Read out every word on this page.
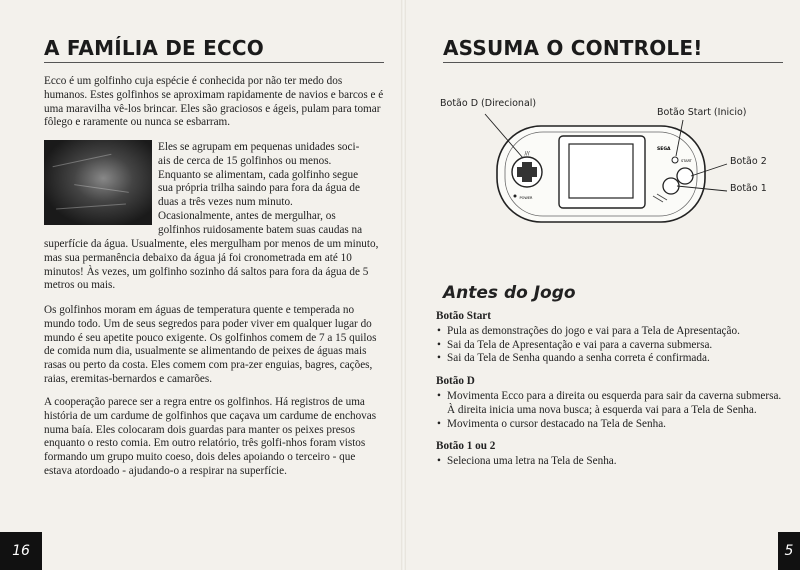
A FAMÍLIA DE ECCO

Ecco é um golfinho cuja espécie é conhecida por não ter medo dos humanos. Estes golfinhos se aproximam rapidamente de navios e barcos e é uma maravilha vê-los brincar. Eles são graciosos e ágeis, pulam para tomar fôlego e raramente ou nunca se esbarram.

Eles se agrupam em pequenas unidades soci-

ais de cerca de 15 golfinhos ou menos.

Enquanto se alimentam, cada golfinho segue

sua própria trilha saindo para fora da água de

duas a três vezes num minuto.

Ocasionalmente, antes de mergulhar, os

golfinhos ruidosamente batem suas caudas na

superfície da água. Usualmente, eles mergulham por menos de um minuto, mas sua permanência debaixo da água já foi cronometrada em até 10 minutos! Às vezes, um golfinho sozinho dá saltos para fora da água de 5 metros ou mais.

Os golfinhos moram em águas de temperatura quente e temperada no mundo todo. Um de seus segredos para poder viver em qualquer lugar do mundo é seu apetite pouco exigente. Os golfinhos comem de 7 a 15 quilos de comida num dia, usualmente se alimentando de peixes de águas mais rasas ou perto da costa. Eles comem com pra-zer enguias, bagres, cações, raias, eremitas-bernardos e camarões.

A cooperação parece ser a regra entre os golfinhos. Há registros de uma história de um cardume de golfinhos que caçava um cardume de enchovas numa baía. Eles colocaram dois guardas para manter os peixes presos enquanto o resto comia. Em outro relatório, três golfi-nhos foram vistos formando um grupo muito coeso, dois deles apoiando o terceiro - que estava atordoado - ajudando-o a respirar na superfície.

16
ASSUMA O CONTROLE!
///
POWER
SEGA
START
Botão D (Direcional)
Botão Start (Inicio)
Botão 2
Botão 1
Antes do Jogo

Botão Start

• Pula as demonstrações do jogo e vai para a Tela de Apresentação.
• Sai da Tela de Apresentação e vai para a caverna submersa.
• Sai da Tela de Senha quando a senha correta é confirmada.

Botão D

• Movimenta Ecco para a direita ou esquerda para sair da caverna submersa. À direita inicia uma nova busca; à esquerda vai para a Tela de Senha.
• Movimenta o cursor destacado na Tela de Senha.

Botão 1 ou 2

• Seleciona uma letra na Tela de Senha.
5
